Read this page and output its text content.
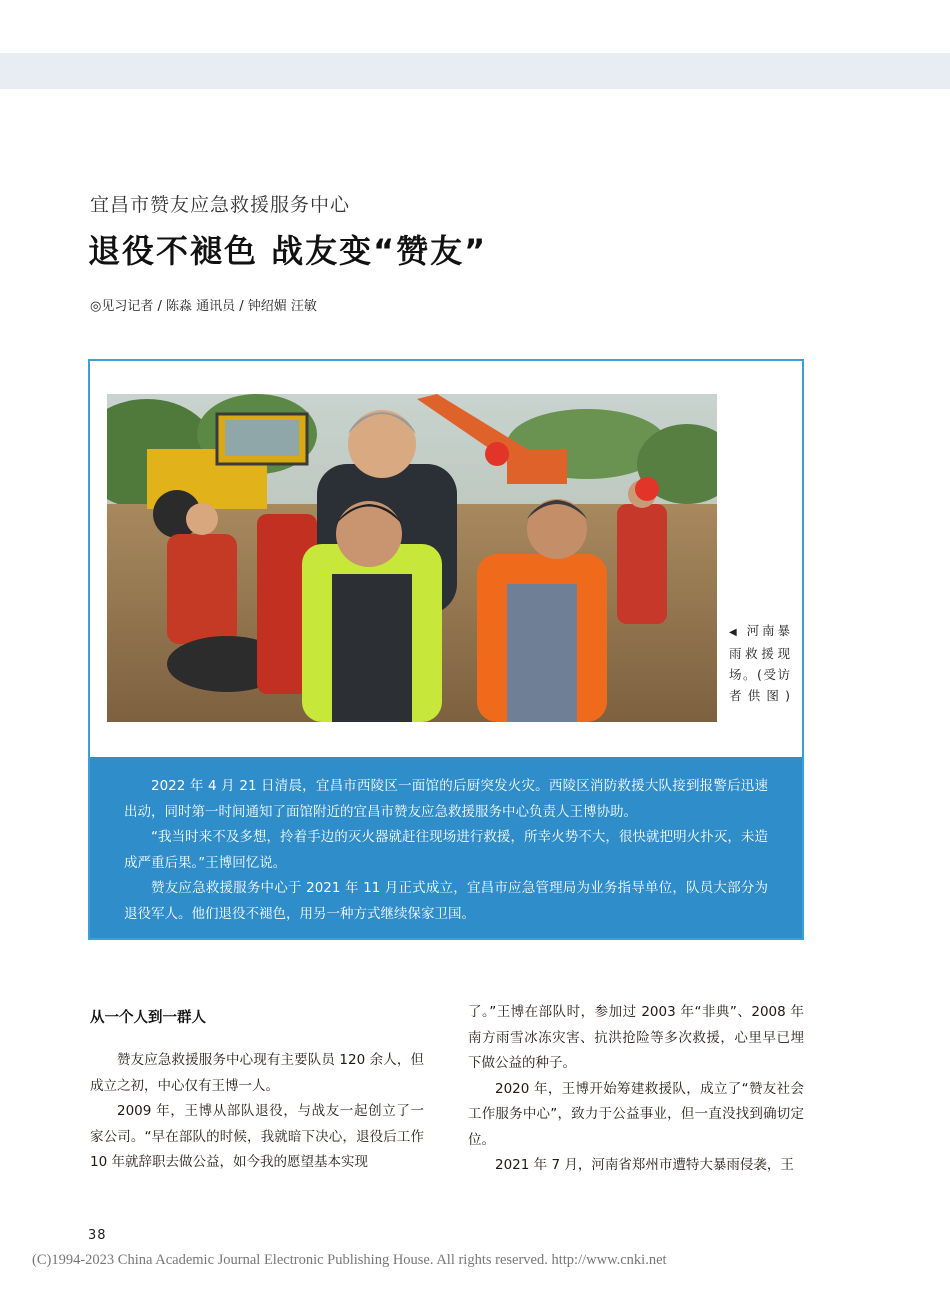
宜昌市赞友应急救援服务中心
退役不褪色 战友变“赞友”
◎见习记者 / 陈淼 通讯员 / 钟绍媚 汪敏
◀ 河南暴雨救援现场。(受访者供图)

2022 年 4 月 21 日清晨，宜昌市西陵区一面馆的后厨突发火灾。西陵区消防救援大队接到报警后迅速出动，同时第一时间通知了面馆附近的宜昌市赞友应急救援服务中心负责人王博协助。

“我当时来不及多想，拎着手边的灭火器就赶往现场进行救援，所幸火势不大，很快就把明火扑灭，未造成严重后果。”王博回忆说。

赞友应急救援服务中心于 2021 年 11 月正式成立，宜昌市应急管理局为业务指导单位，队员大部分为退役军人。他们退役不褪色，用另一种方式继续保家卫国。

从一个人到一群人

赞友应急救援服务中心现有主要队员 120 余人，但成立之初，中心仅有王博一人。

2009 年，王博从部队退役，与战友一起创立了一家公司。“早在部队的时候，我就暗下决心，退役后工作 10 年就辞职去做公益，如今我的愿望基本实现

了。”王博在部队时，参加过 2003 年“非典”、2008 年南方雨雪冰冻灾害、抗洪抢险等多次救援，心里早已埋下做公益的种子。

2020 年，王博开始筹建救援队，成立了“赞友社会工作服务中心”，致力于公益事业，但一直没找到确切定位。

2021 年 7 月，河南省郑州市遭特大暴雨侵袭，王

38
(C)1994-2023 China Academic Journal Electronic Publishing House. All rights reserved. http://www.cnki.net
